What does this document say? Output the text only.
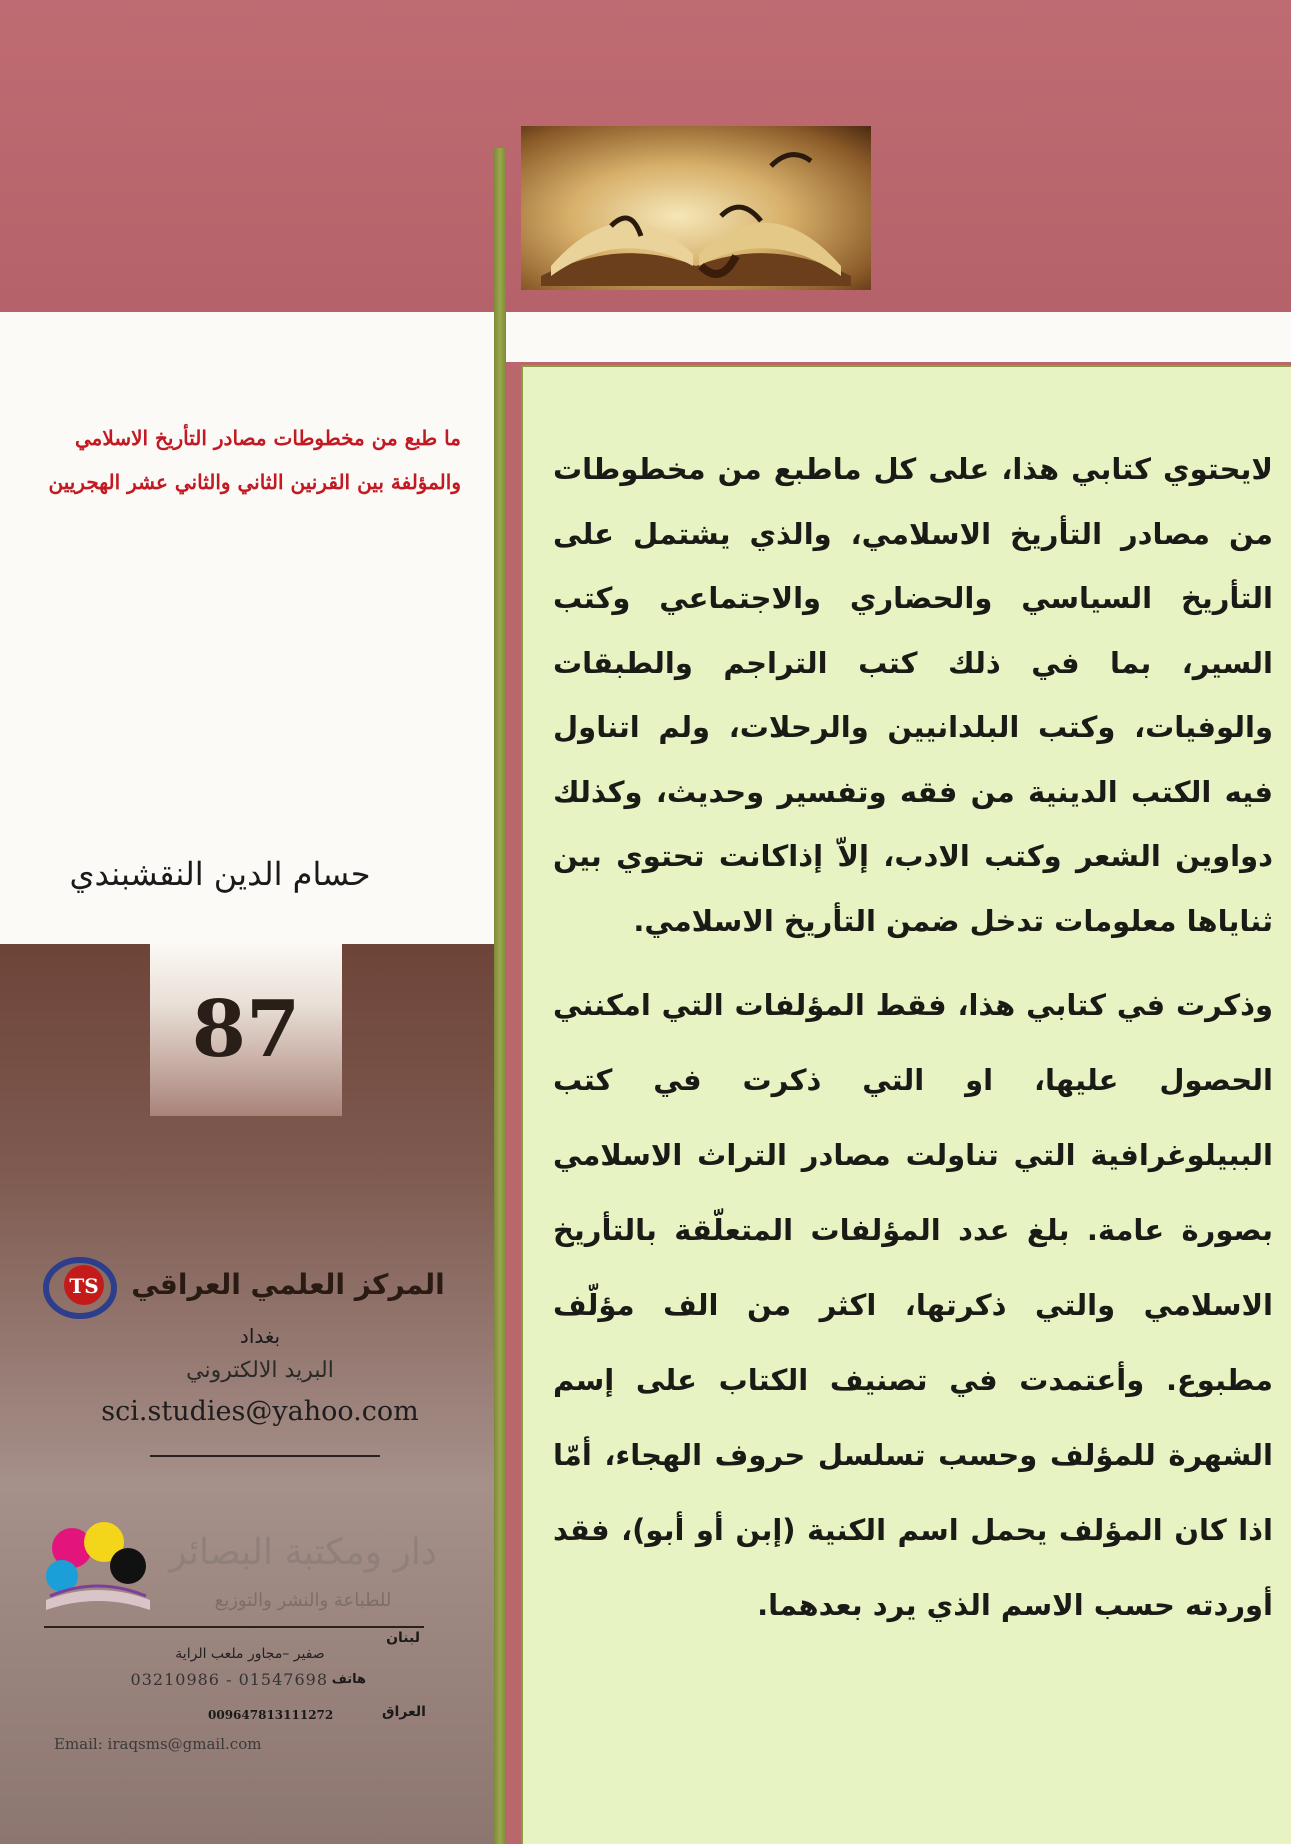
لايحتوي كتابي هذا، على كل ماطبع من مخطوطات من مصادر التأريخ الاسلامي، والذي يشتمل على التأريخ السياسي والحضاري والاجتماعي وكتب السير، بما في ذلك كتب التراجم والطبقات والوفيات، وكتب البلدانيين والرحلات، ولم اتناول فيه الكتب الدينية من فقه وتفسير وحديث، وكذلك دواوين الشعر وكتب الادب، إلاّ إذاكانت تحتوي بين ثناياها معلومات تدخل ضمن التأريخ الاسلامي.
وذكرت في كتابي هذا، فقط المؤلفات التي امكنني الحصول عليها، او التي ذكرت في كتب الببيلوغرافية التي تناولت مصادر التراث الاسلامي بصورة عامة. بلغ عدد المؤلفات المتعلّقة بالتأريخ الاسلامي والتي ذكرتها، اكثر من الف مؤلّف مطبوع. وأعتمدت في تصنيف الكتاب على إسم الشهرة للمؤلف وحسب تسلسل حروف الهجاء، أمّا اذا كان المؤلف يحمل اسم الكنية (إبن أو أبو)، فقد أوردته حسب الاسم الذي يرد بعدهما.
ما طبع من مخطوطات مصادر التأريخ الاسلامي
والمؤلفة بين القرنين الثاني والثاني عشر الهجريين
حسام الدين النقشبندي
87
TS	المركز العلمي العراقي
بغداد
البريد الالكتروني
sci.studies@yahoo.com
دار ومكتبة البصائر
للطباعة والنشر والتوزيع
لبنان
صفير –مجاور ملعب الراية
هاتف
03210986 - 01547698
العراق
009647813111272
Email: iraqsms@gmail.com
